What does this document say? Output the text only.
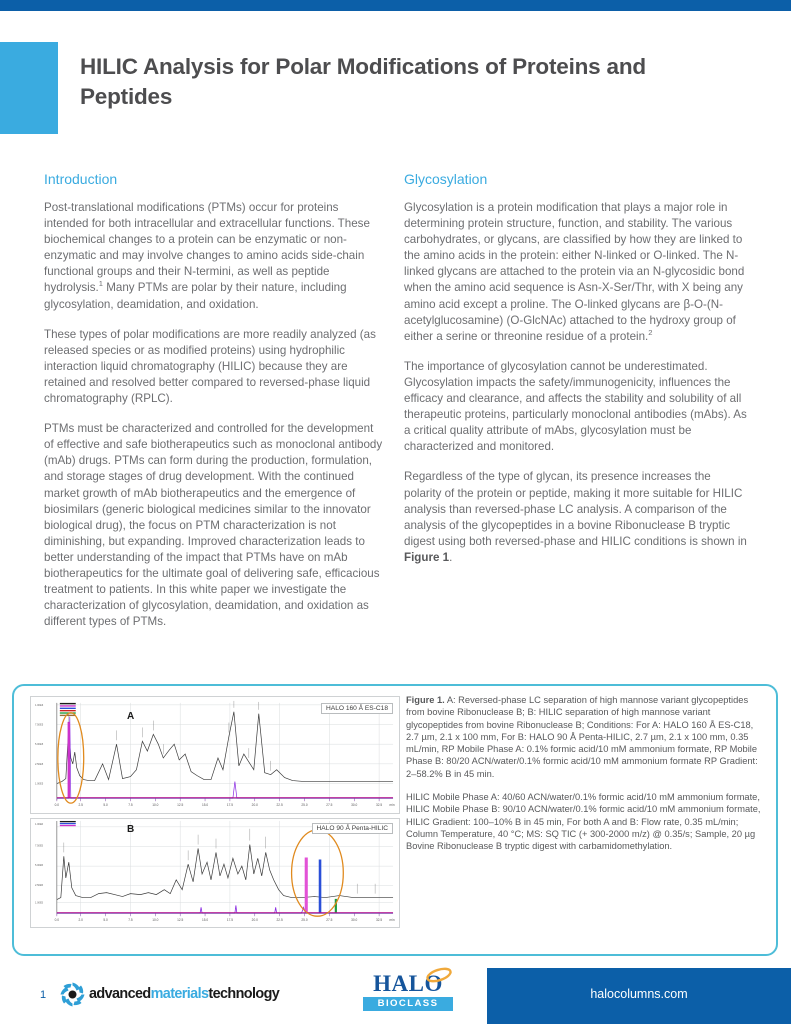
HILIC Analysis for Polar Modifications of Proteins and Peptides
Introduction

Post-translational modifications (PTMs) occur for proteins intended for both intracellular and extracellular functions. These biochemical changes to a protein can be enzymatic or non-enzymatic and may involve changes to amino acids side-chain functional groups and their N-termini, as well as peptide hydrolysis.$^1$ Many PTMs are polar by their nature, including glycosylation, deamidation, and oxidation.

These types of polar modifications are more readily analyzed (as released species or as modified proteins) using hydrophilic interaction liquid chromatography (HILIC) because they are retained and resolved better compared to reversed-phase liquid chromatography (RPLC).

PTMs must be characterized and controlled for the development of effective and safe biotherapeutics such as monoclonal antibody (mAb) drugs. PTMs can form during the production, formulation, and storage stages of drug development. With the continued market growth of mAb biotherapeutics and the emergence of biosimilars (generic biological medicines similar to the innovator biological drug), the focus on PTM characterization is not diminishing, but expanding. Improved characterization leads to better understanding of the impact that PTMs have on mAb biotherapeutics for the ultimate goal of delivering safe, efficacious treatment to patients. In this white paper we investigate the characterization of glycosylation, deamidation, and oxidation as different types of PTMs.

Glycosylation

Glycosylation is a protein modification that plays a major role in determining protein structure, function, and stability. The various carbohydrates, or glycans, are classified by how they are linked to the amino acids in the protein: either N-linked or O-linked. The N-linked glycans are attached to the protein via an N-glycosidic bond when the amino acid sequence is Asn-X-Ser/Thr, with X being any amino acid except a proline. The O-linked glycans are β-O-(N-acetylglucosamine) (O-GlcNAc) attached to the hydroxy group of either a serine or threonine residue of a protein.$^2$

The importance of glycosylation cannot be underestimated. Glycosylation impacts the safety/immunogenicity, influences the efficacy and clearance, and affects the stability and solubility of all therapeutic proteins, particularly monoclonal antibodies (mAbs). As a critical quality attribute of mAbs, glycosylation must be characterized and monitored.

Regardless of the type of glycan, its presence increases the polarity of the protein or peptide, making it more suitable for HILIC analysis than reversed-phase LC analysis. A comparison of the analysis of the glycopeptides in a bovine Ribonuclease B tryptic digest using both reversed-phase and HILIC conditions is shown in Figure 1.

1.00E6
7.50E5
5.00E5
2.50E5
1.00E5
0.0	2.5	5.0	7.5	10.0	12.5	15.0	17.5	20.0	22.5	25.0	27.5	30.0	32.5 min
HALO 160 Å ES-C18
A
1.00E6
7.50E5
5.00E5
2.50E5
1.00E5
0.0	2.0	5.0	7.5	10.0	12.5	15.0	17.5	20.0	22.5	25.0	27.5	30.0	32.5 min
HALO 90 Å Penta-HILIC
B

Figure 1. A: Reversed-phase LC separation of high mannose variant glycopeptides from bovine Ribonuclease B; B: HILIC separation of high mannose variant glycopeptides from bovine Ribonuclease B; Conditions: For A: HALO 160 Å ES-C18, 2.7 µm, 2.1 x 100 mm, For B: HALO 90 Å Penta-HILIC, 2.7 µm, 2.1 x 100 mm, 0.35 mL/min, RP Mobile Phase A: 0.1% formic acid/10 mM ammonium formate, RP Mobile Phase B: 80/20 ACN/water/0.1% formic acid/10 mM ammonium formate RP Gradient: 2–58.2% B in 45 min.

HILIC Mobile Phase A: 40/60 ACN/water/0.1% formic acid/10 mM ammonium formate, HILIC Mobile Phase B: 90/10 ACN/water/0.1% formic acid/10 mM ammonium formate, HILIC Gradient: 100–10% B in 45 min, For both A and B: Flow rate, 0.35 mL/min; Column Temperature, 40 °C; MS: SQ TIC (+ 300-2000 m/z) @ 0.35/s; Sample, 20 µg Bovine Ribonuclease B tryptic digest with carbamidomethylation.

1	advancedmaterialstechnology	HALO
BIOCLASS
halocolumns.com
